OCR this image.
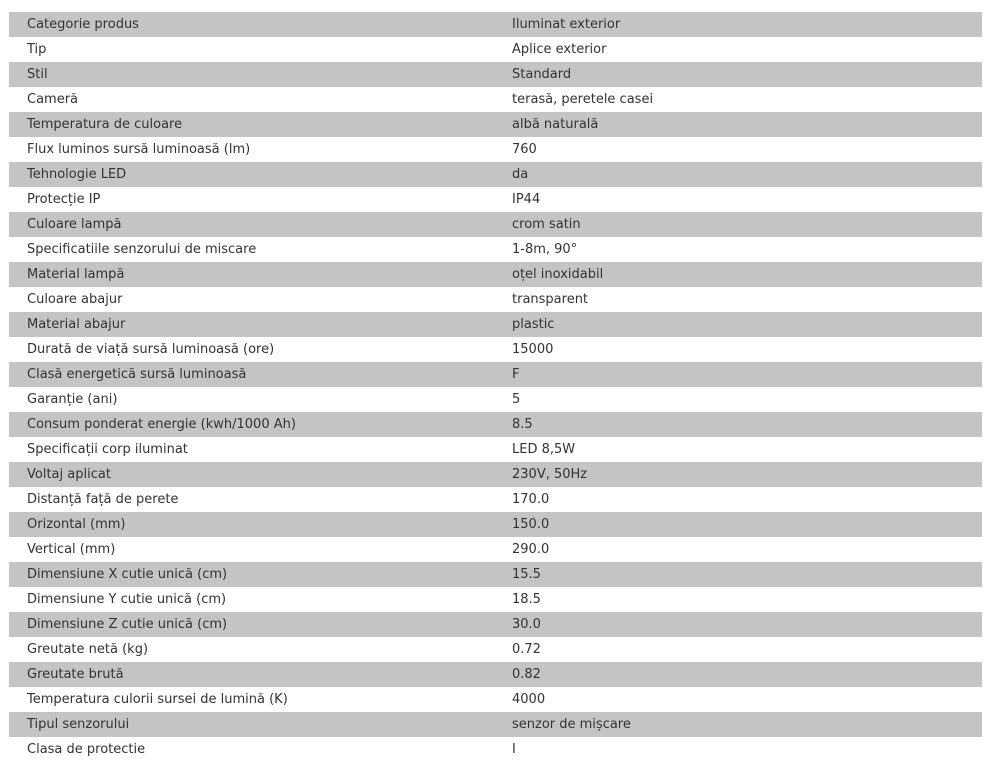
Categorie produs	Iluminat exterior
Tip	Aplice exterior
Stil	Standard
Cameră	terasă, peretele casei
Temperatura de culoare	albă naturală
Flux luminos sursă luminoasă (lm)	760
Tehnologie LED	da
Protecție IP	IP44
Culoare lampă	crom satin
Specificatiile senzorului de miscare	1-8m, 90°
Material lampă	oțel inoxidabil
Culoare abajur	transparent
Material abajur	plastic
Durată de viață sursă luminoasă (ore)	15000
Clasă energetică sursă luminoasă	F
Garanție (ani)	5
Consum ponderat energie (kwh/1000 Ah)	8.5
Specificații corp iluminat	LED 8,5W
Voltaj aplicat	230V, 50Hz
Distanță față de perete	170.0
Orizontal (mm)	150.0
Vertical (mm)	290.0
Dimensiune X cutie unică (cm)	15.5
Dimensiune Y cutie unică (cm)	18.5
Dimensiune Z cutie unică (cm)	30.0
Greutate netă (kg)	0.72
Greutate brută	0.82
Temperatura culorii sursei de lumină (K)	4000
Tipul senzorului	senzor de mișcare
Clasa de protectie	I
